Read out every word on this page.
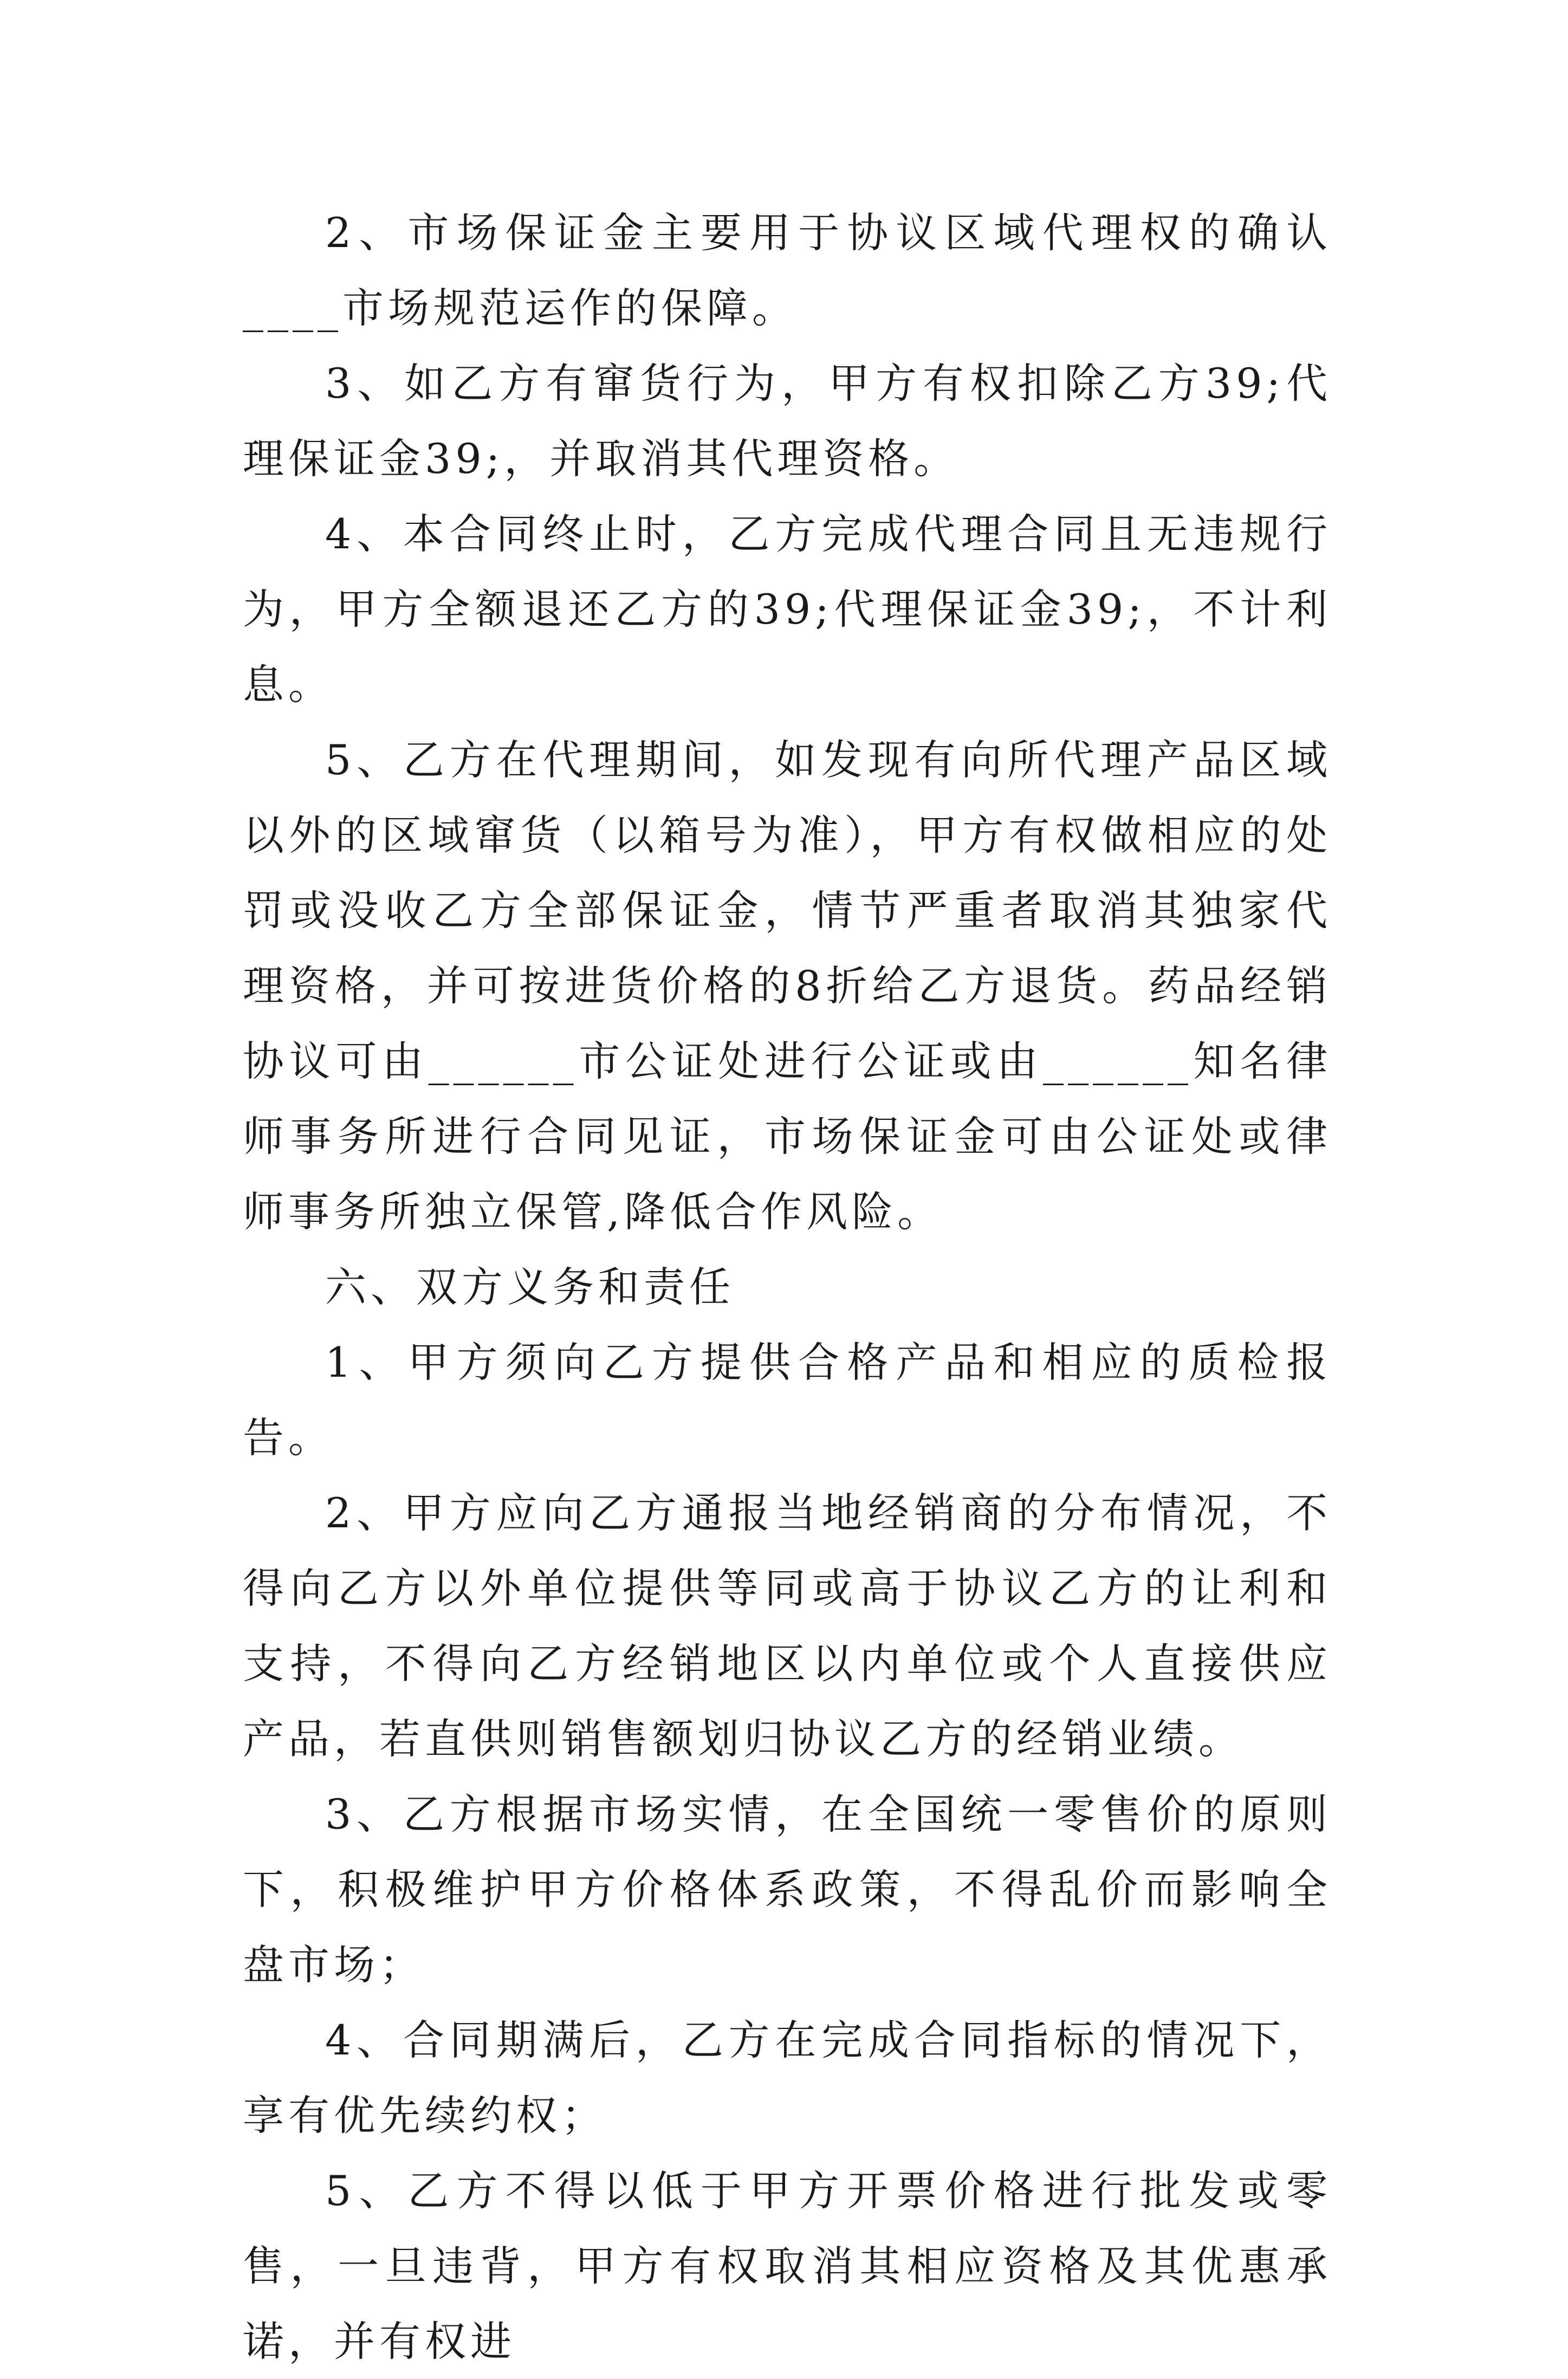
2、市场保证金主要用于协议区域代理权的确认____市场规范运作的保障。

3、如乙方有窜货行为，甲方有权扣除乙方39;代理保证金39;，并取消其代理资格。

4、本合同终止时，乙方完成代理合同且无违规行为，甲方全额退还乙方的39;代理保证金39;，不计利息。

5、乙方在代理期间，如发现有向所代理产品区域以外的区域窜货（以箱号为准），甲方有权做相应的处罚或没收乙方全部保证金，情节严重者取消其独家代理资格，并可按进货价格的8折给乙方退货。药品经销协议可由______市公证处进行公证或由______知名律师事务所进行合同见证，市场保证金可由公证处或律师事务所独立保管,降低合作风险。

六、双方义务和责任

1、甲方须向乙方提供合格产品和相应的质检报告。

2、甲方应向乙方通报当地经销商的分布情况，不得向乙方以外单位提供等同或高于协议乙方的让利和支持，不得向乙方经销地区以内单位或个人直接供应产品，若直供则销售额划归协议乙方的经销业绩。

3、乙方根据市场实情，在全国统一零售价的原则下，积极维护甲方价格体系政策，不得乱价而影响全盘市场；

4、合同期满后，乙方在完成合同指标的情况下，享有优先续约权；

5、乙方不得以低于甲方开票价格进行批发或零售，一旦违背，甲方有权取消其相应资格及其优惠承诺，并有权进
